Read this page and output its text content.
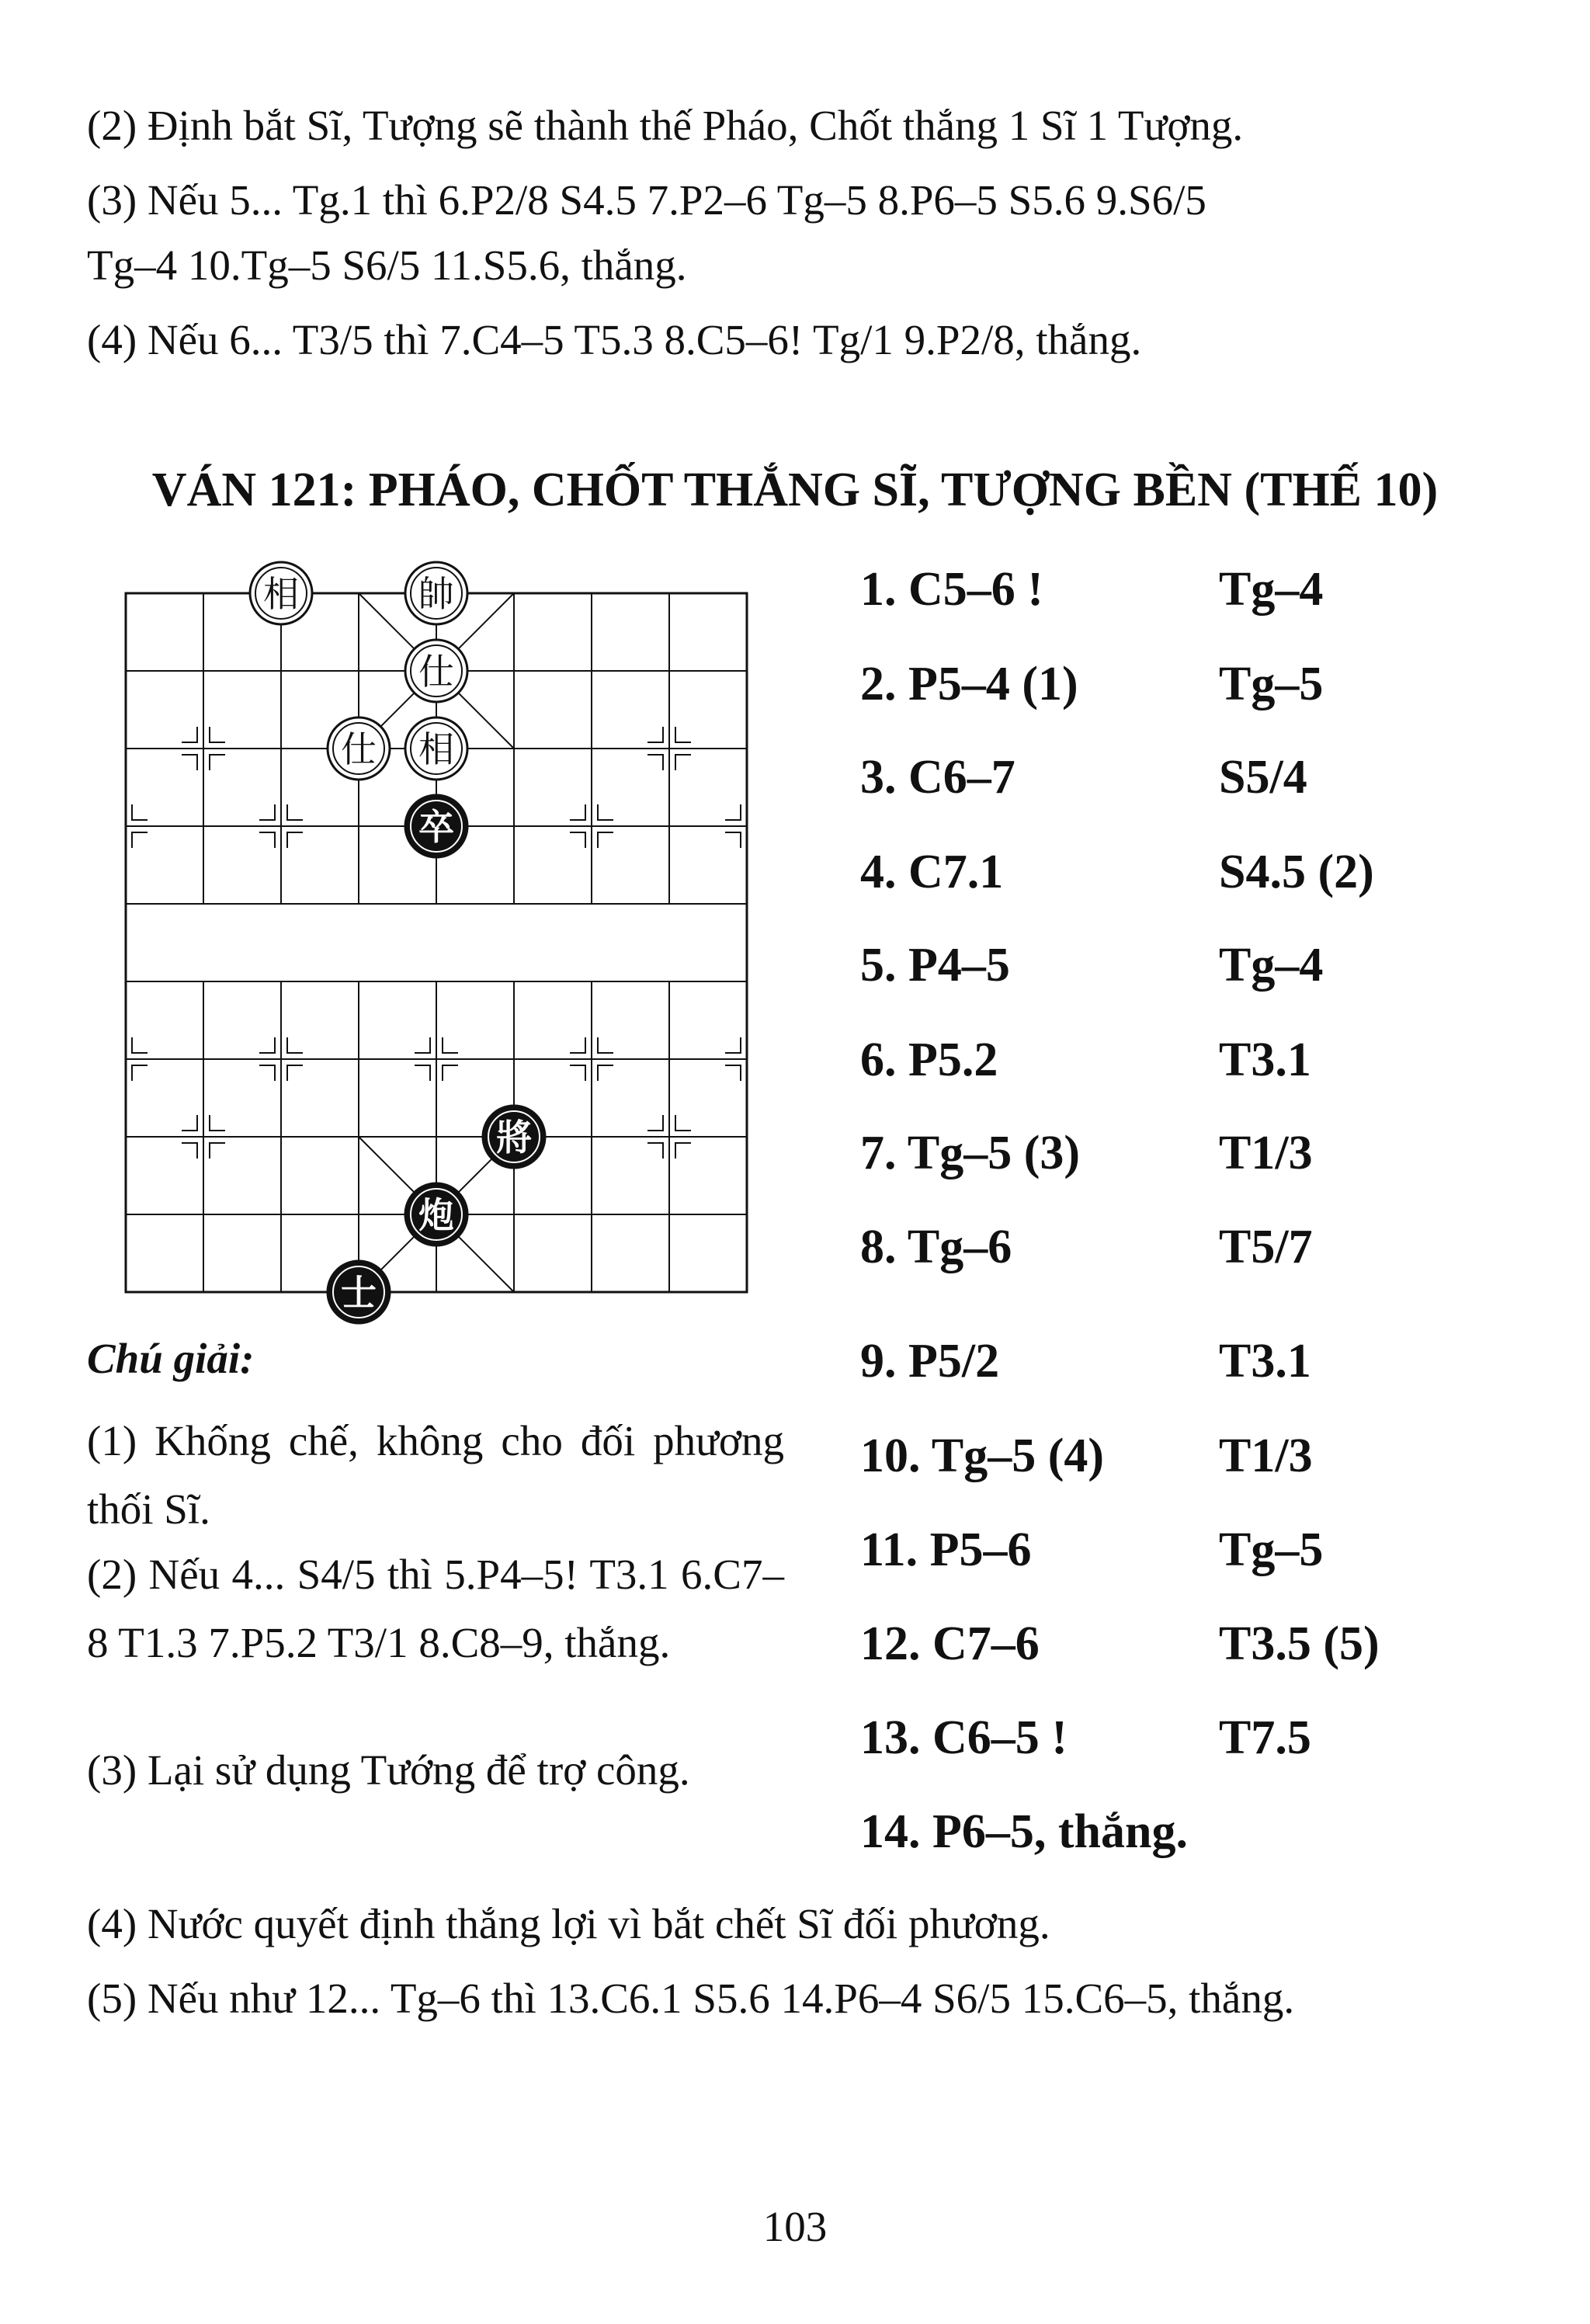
(2) Định bắt Sĩ, Tượng sẽ thành thế Pháo, Chốt thắng 1 Sĩ 1 Tượng.

(3) Nếu 5... Tg.1 thì 6.P2/8 S4.5 7.P2–6 Tg–5 8.P6–5 S5.6 9.S6/5

Tg–4 10.Tg–5 S6/5 11.S5.6, thắng.

(4) Nếu 6... T3/5 thì 7.C4–5 T5.3 8.C5–6! Tg/1 9.P2/8, thắng.

VÁN 121: PHÁO, CHỐT THẮNG SĨ, TƯỢNG BỀN (THẾ 10)
相	帥
仕
仕 相
卒
將
炮
士

Chú giải:

(1) Khống chế, không cho đối phương thối Sĩ.

(2) Nếu 4... S4/5 thì 5.P4–5! T3.1 6.C7–8 T1.3 7.P5.2 T3/1 8.C8–9, thắng.

(3) Lại sử dụng Tướng để trợ công.

1. C5–6 !	Tg–4

2. P5–4 (1)	Tg–5

3. C6–7	S5/4

4. C7.1	S4.5 (2)

5. P4–5	Tg–4

6. P5.2	T3.1

7. Tg–5 (3)	T1/3

8. Tg–6	T5/7

9. P5/2	T3.1

10. Tg–5 (4) T1/3

11. P5–6	Tg–5

12. C7–6	T3.5 (5)

13. C6–5 !	T7.5

14. P6–5, thắng.

(4) Nước quyết định thắng lợi vì bắt chết Sĩ đối phương.

(5) Nếu như 12... Tg–6 thì 13.C6.1 S5.6 14.P6–4 S6/5 15.C6–5, thắng.

103
